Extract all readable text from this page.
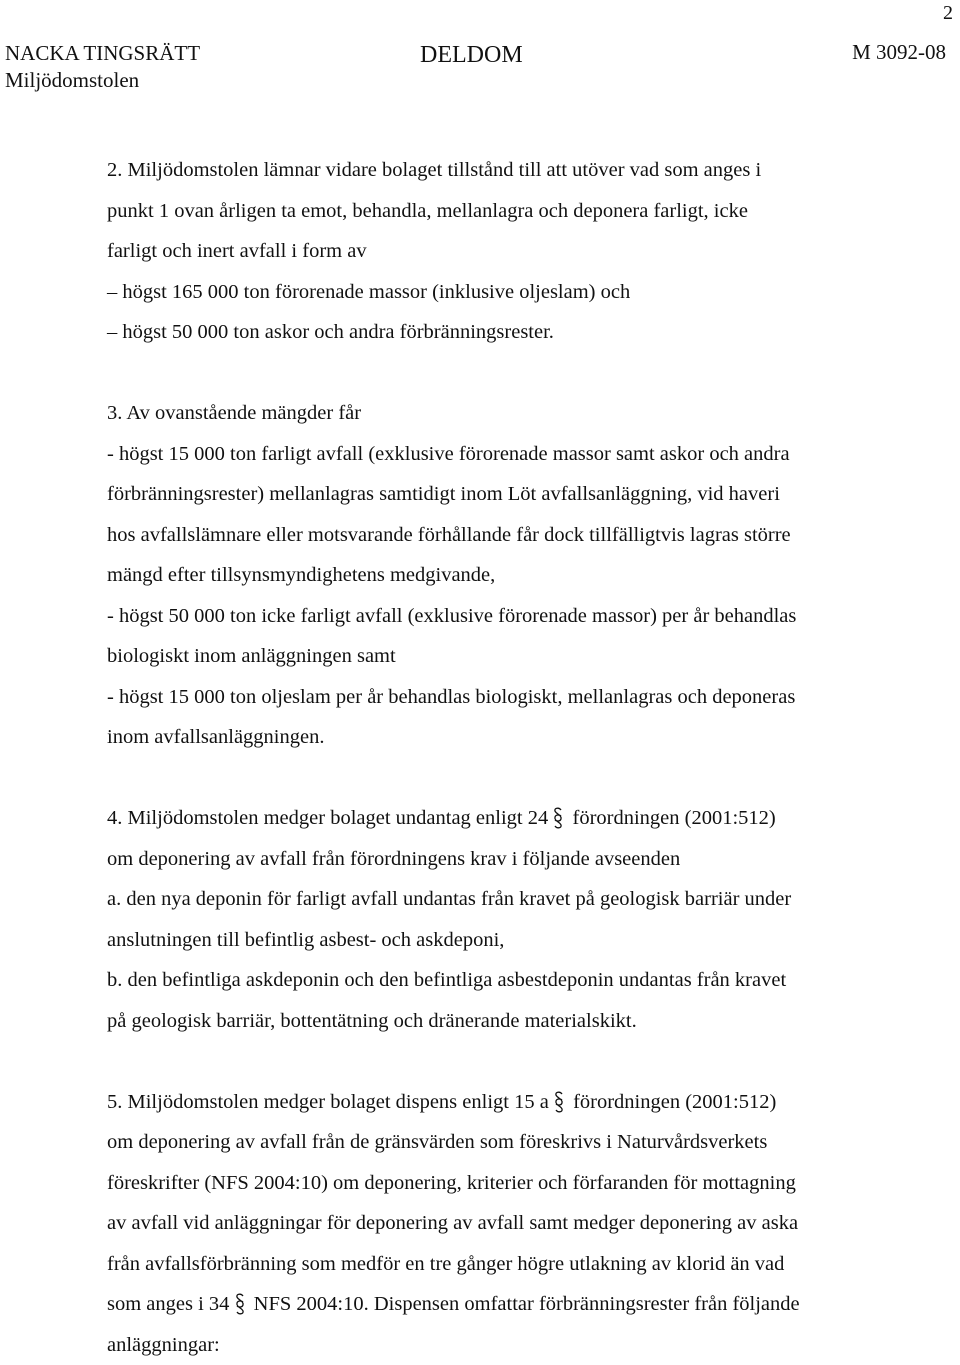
2
NACKA TINGSRÄTT
Miljödomstolen
DELDOM	M 3092-08
2. Miljödomstolen lämnar vidare bolaget tillstånd till att utöver vad som anges i
punkt 1 ovan årligen ta emot, behandla, mellanlagra och deponera farligt, icke
farligt och inert avfall i form av
– högst 165 000 ton förorenade massor (inklusive oljeslam) och
– högst 50 000 ton askor och andra förbränningsrester.
3. Av ovanstående mängder får
- högst 15 000 ton farligt avfall (exklusive förorenade massor samt askor och andra
förbränningsrester) mellanlagras samtidigt inom Löt avfallsanläggning, vid haveri
hos avfallslämnare eller motsvarande förhållande får dock tillfälligtvis lagras större
mängd efter tillsynsmyndighetens medgivande,
- högst 50 000 ton icke farligt avfall (exklusive förorenade massor) per år behandlas
biologiskt inom anläggningen samt
- högst 15 000 ton oljeslam per år behandlas biologiskt, mellanlagras och deponeras
inom avfallsanläggningen.
4. Miljödomstolen medger bolaget undantag enligt 24 förordningen (2001:512)
om deponering av avfall från förordningens krav i följande avseenden
a. den nya deponin för farligt avfall undantas från kravet på geologisk barriär under
anslutningen till befintlig asbest- och askdeponi,
b. den befintliga askdeponin och den befintliga asbestdeponin undantas från kravet
på geologisk barriär, bottentätning och dränerande materialskikt.
5. Miljödomstolen medger bolaget dispens enligt 15 a förordningen (2001:512)
om deponering av avfall från de gränsvärden som föreskrivs i Naturvårdsverkets
föreskrifter (NFS 2004:10) om deponering, kriterier och förfaranden för mottagning
av avfall vid anläggningar för deponering av avfall samt medger deponering av aska
från avfallsförbränning som medför en tre gånger högre utlakning av klorid än vad
som anges i 34 NFS 2004:10. Dispensen omfattar förbränningsrester från följande
anläggningar:
